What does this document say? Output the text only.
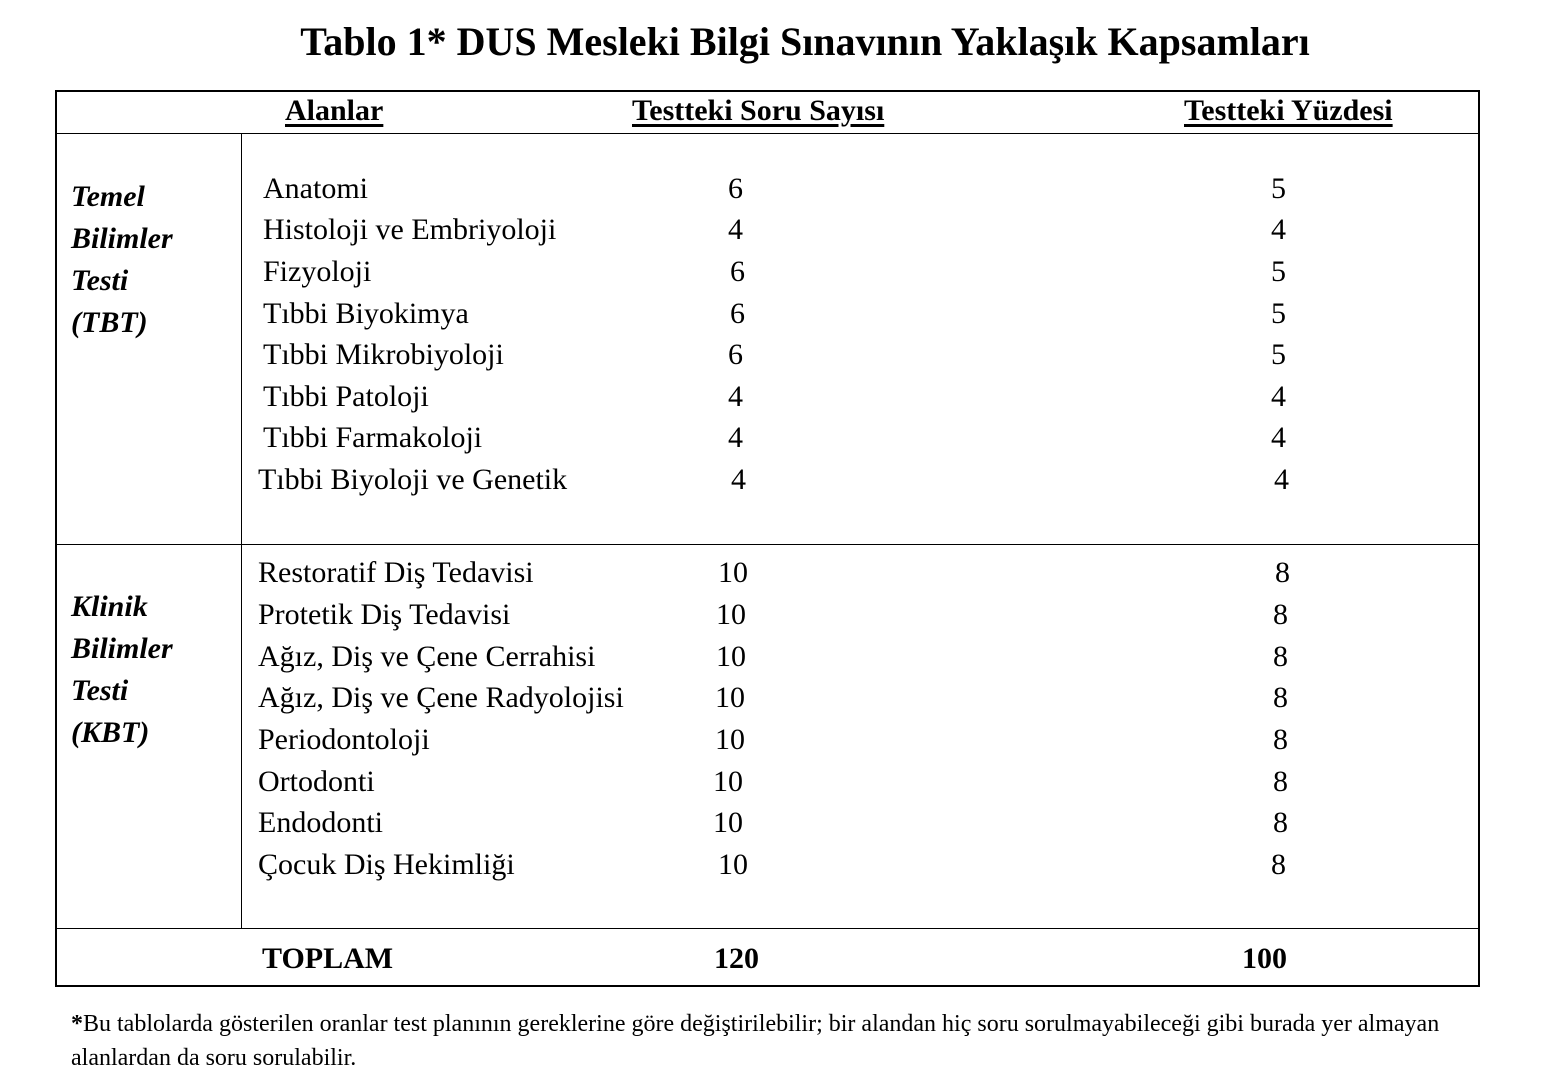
Tablo 1* DUS Mesleki Bilgi Sınavının Yaklaşık Kapsamları
Alanlar	Testteki Soru Sayısı	Testteki Yüzdesi
Temel
Bilimler
Testi
(TBT)
Klinik
Bilimler
Testi
(KBT)
Anatomi	6	5
Histoloji ve Embriyoloji	4	4
Fizyoloji	6	5
Tıbbi Biyokimya	6	5
Tıbbi Mikrobiyoloji	6	5
Tıbbi Patoloji	4	4
Tıbbi Farmakoloji	4	4
Tıbbi Biyoloji ve Genetik	4	4
Restoratif Diş Tedavisi	10	8
Protetik Diş Tedavisi	10	8
Ağız, Diş ve Çene Cerrahisi	10	8
Ağız, Diş ve Çene Radyolojisi	10	8
Periodontoloji	10	8
Ortodonti	10	8
Endodonti	10	8
Çocuk Diş Hekimliği	10	8
TOPLAM	120	100
*Bu tablolarda gösterilen oranlar test planının gereklerine göre değiştirilebilir; bir alandan hiç soru sorulmayabileceği gibi burada yer almayan alanlardan da soru sorulabilir.
